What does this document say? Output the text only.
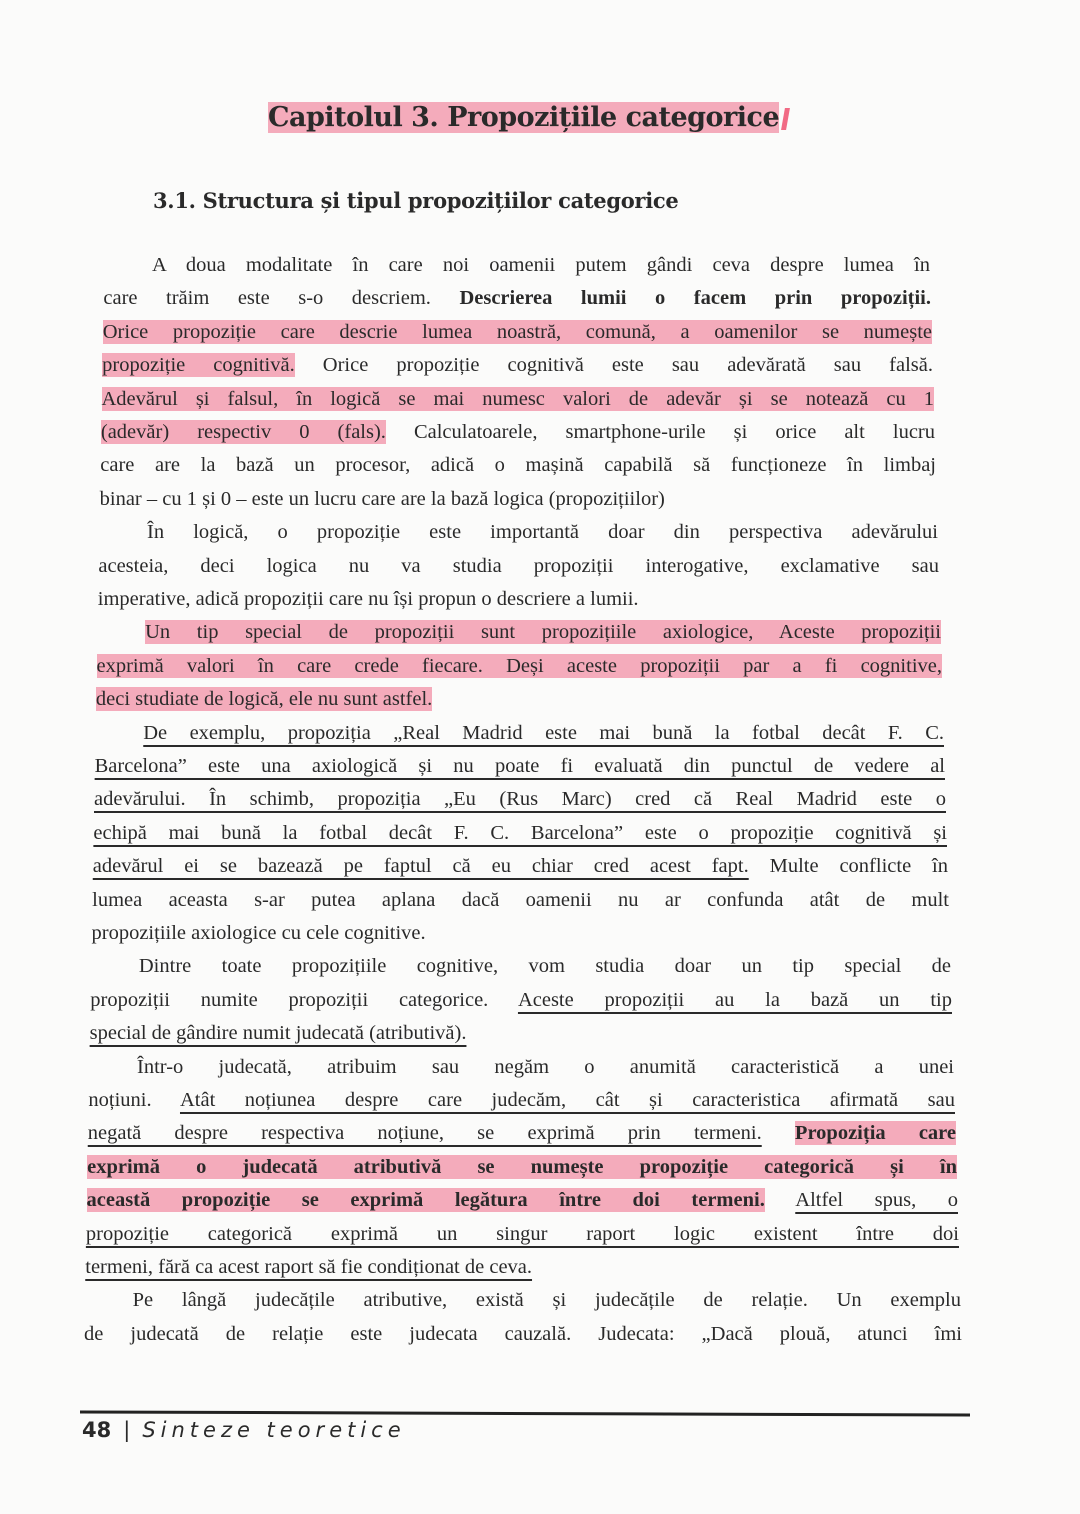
Capitolul 3. Propozițiile categorice
3.1. Structura și tipul propozițiilor categorice
A doua modalitate în care noi oamenii putem gândi ceva despre lumea în
care trăim este s-o descriem. Descrierea lumii o facem prin propoziții.
Orice propoziție care descrie lumea noastră, comună, a oamenilor se numește
propoziție cognitivă. Orice propoziție cognitivă este sau adevărată sau falsă.
Adevărul și falsul, în logică se mai numesc valori de adevăr și se notează cu 1
(adevăr) respectiv 0 (fals). Calculatoarele, smartphone-urile și orice alt lucru
care are la bază un procesor, adică o mașină capabilă să funcționeze în limbaj
binar – cu 1 și 0 – este un lucru care are la bază logica (propozițiilor)
În logică, o propoziție este importantă doar din perspectiva adevărului
acesteia, deci logica nu va studia propoziții interogative, exclamative sau
imperative, adică propoziții care nu își propun o descriere a lumii.
Un tip special de propoziții sunt propozițiile axiologice, Aceste propoziții
exprimă valori în care crede fiecare. Deși aceste propoziții par a fi cognitive,
deci studiate de logică, ele nu sunt astfel.
De exemplu, propoziția „Real Madrid este mai bună la fotbal decât F. C.
Barcelona” este una axiologică și nu poate fi evaluată din punctul de vedere al
adevărului. În schimb, propoziția „Eu (Rus Marc) cred că Real Madrid este o
echipă mai bună la fotbal decât F. C. Barcelona” este o propoziție cognitivă și
adevărul ei se bazează pe faptul că eu chiar cred acest fapt. Multe conflicte în
lumea aceasta s-ar putea aplana dacă oamenii nu ar confunda atât de mult
propozițiile axiologice cu cele cognitive.
Dintre toate propozițiile cognitive, vom studia doar un tip special de
propoziții numite propoziții categorice. Aceste propoziții au la bază un tip
special de gândire numit judecată (atributivă).
Într-o judecată, atribuim sau negăm o anumită caracteristică a unei
noțiuni. Atât noțiunea despre care judecăm, cât și caracteristica afirmată sau
negată despre respectiva noțiune, se exprimă prin termeni. Propoziția care
exprimă o judecată atributivă se numește propoziție categorică și în
această propoziție se exprimă legătura între doi termeni. Altfel spus, o
propoziție categorică exprimă un singur raport logic existent între doi
termeni, fără ca acest raport să fie condiționat de ceva.
Pe lângă judecățile atributive, există și judecățile de relație. Un exemplu
de judecată de relație este judecata cauzală. Judecata: „Dacă plouă, atunci îmi
48 | Sinteze teoretice
